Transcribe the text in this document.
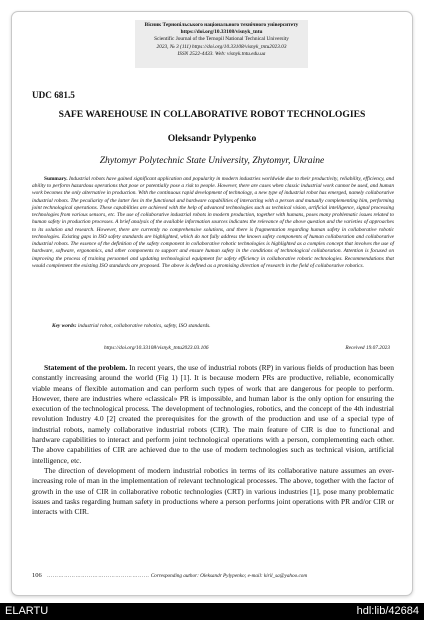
Вісник Тернопільського національного технічного університету
https://doi.org/10.33108/visnyk_tntu
Scientific Journal of the Ternopil National Technical University
2023, № 3 (111) https://doi.org/10.33108/visnyk_tntu2023.03
ISSN 2522-4433. Web: visnyk.tntu.edu.ua
UDC 681.5
SAFE WAREHOUSE IN COLLABORATIVE ROBOT TECHNOLOGIES
Oleksandr Pylypenko
Zhytomyr Polytechnic State University, Zhytomyr, Ukraine
Summary. Industrial robots have gained significant application and popularity in modern industries worldwide due to their productivity, reliability, efficiency, and ability to perform hazardous operations that pose or potentially pose a risk to people. However, there are cases when classic industrial work cannot be used, and human work becomes the only alternative in production. With the continuous rapid development of technology, a new type of industrial robot has emerged, namely collaborative industrial robots. The peculiarity of the latter lies in the functional and hardware capabilities of interacting with a person and mutually complementing him, performing joint technological operations. These capabilities are achieved with the help of advanced technologies such as technical vision, artificial intelligence, signal processing technologies from various sensors, etc. The use of collaborative industrial robots in modern production, together with humans, poses many problematic issues related to human safety in production processes. A brief analysis of the available information sources indicates the relevance of the above question and the varieties of approaches to its solution and research. However, there are currently no comprehensive solutions, and there is fragmentation regarding human safety in collaborative robotic technologies. Existing gaps in ISO safety standards are highlighted, which do not fully address the known safety components of human collaboration and collaborative industrial robots. The essence of the definition of the safety component in collaborative robotic technologies is highlighted as a complex concept that involves the use of hardware, software, ergonomics, and other components to support and ensure human safety in the conditions of technological collaboration. Attention is focused on improving the process of training personnel and updating technological equipment for safety efficiency in collaborative robotic technologies. Recommendations that would complement the existing ISO standards are proposed. The above is defined as a promising direction of research in the field of collaborative robotics.
Key words: industrial robot, collaborative robotics, safety, ISO standards.
https://doi.org/10.33108/visnyk_tntu2023.03.106	Received 19.07.2023

Statement of the problem. In recent years, the use of industrial robots (RP) in various fields of production has been constantly increasing around the world (Fig 1) [1]. It is because modern PRs are productive, reliable, economically viable means of flexible automation and can perform such types of work that are dangerous for people to perform. However, there are industries where «classical» PR is impossible, and human labor is the only option for ensuring the execution of the technological process. The development of technologies, robotics, and the concept of the 4th industrial revolution Industry 4.0 [2] created the prerequisites for the growth of the production and use of a special type of industrial robots, namely collaborative industrial robots (CIR). The main feature of CIR is due to functional and hardware capabilities to interact and perform joint technological operations with a person, complementing each other. The above capabilities of CIR are achieved due to the use of modern technologies such as technical vision, artificial intelligence, etc.

The direction of development of modern industrial robotics in terms of its collaborative nature assumes an ever-increasing role of man in the implementation of relevant technological processes. The above, together with the factor of growth in the use of CIR in collaborative robotic technologies (CRT) in various industries [1], pose many problematic issues and tasks regarding human safety in productions where a person performs joint operations with PR and/or CIR or interacts with CIR.

106 ……………………………………………… Corresponding author: Oleksandr Pylypenko; e-mail: kiril_sa@yahoo.com
ELARTU	hdl:lib/42684
